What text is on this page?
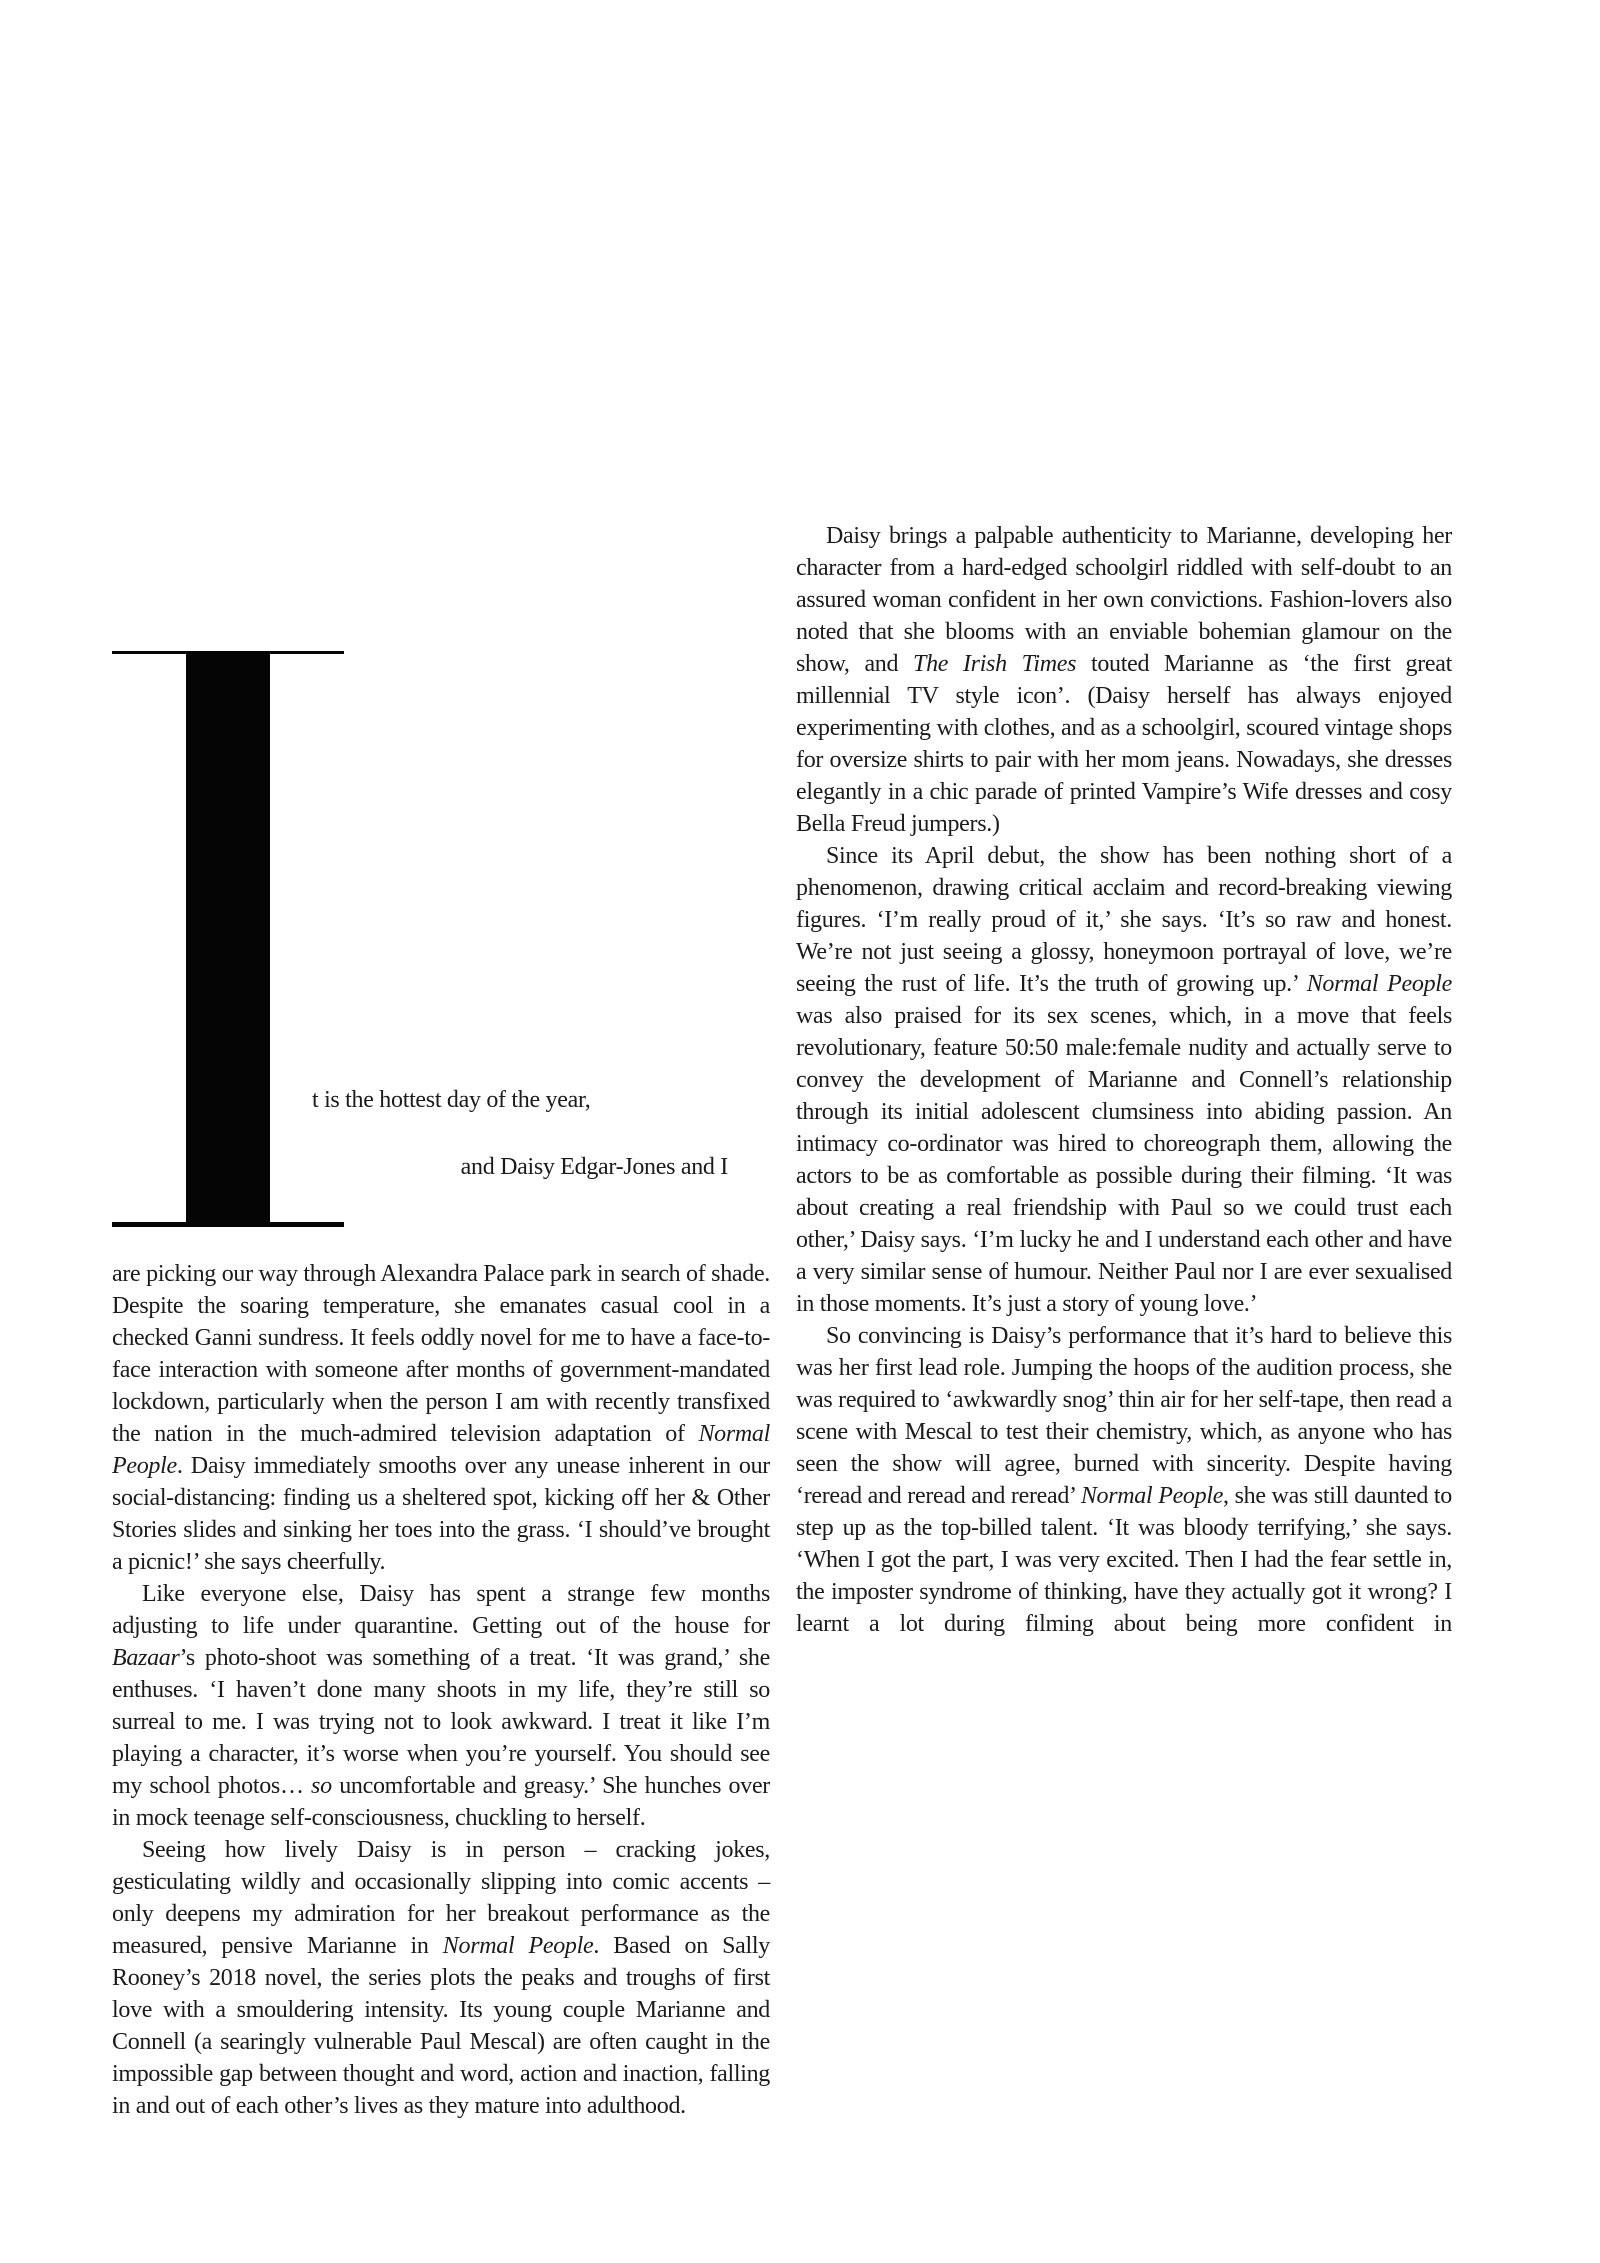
t is the hottest day of the year,
and Daisy Edgar-Jones and I

are picking our way through Alexandra Palace park in search of shade. Despite the soaring temperature, she emanates casual cool in a checked Ganni sundress. It feels oddly novel for me to have a face-to-face interaction with someone after months of government-mandated lockdown, particularly when the person I am with recently transfixed the nation in the much-admired television adaptation of Normal People. Daisy immediately smooths over any unease inherent in our social-distancing: finding us a sheltered spot, kicking off her & Other Stories slides and sinking her toes into the grass. ‘I should’ve brought a picnic!’ she says cheerfully.

Like everyone else, Daisy has spent a strange few months adjusting to life under quarantine. Getting out of the house for Bazaar’s photo-shoot was something of a treat. ‘It was grand,’ she enthuses. ‘I haven’t done many shoots in my life, they’re still so surreal to me. I was trying not to look awkward. I treat it like I’m playing a character, it’s worse when you’re yourself. You should see my school photos… so uncomfortable and greasy.’ She hunches over in mock teenage self-consciousness, chuckling to herself.

Seeing how lively Daisy is in person – cracking jokes, gesticulating wildly and occasionally slipping into comic accents – only deepens my admiration for her breakout performance as the measured, pensive Marianne in Normal People. Based on Sally Rooney’s 2018 novel, the series plots the peaks and troughs of first love with a smouldering intensity. Its young couple Marianne and Connell (a searingly vulnerable Paul Mescal) are often caught in the impossible gap between thought and word, action and inaction, falling in and out of each other’s lives as they mature into adulthood.

Daisy brings a palpable authenticity to Marianne, developing her character from a hard-edged schoolgirl riddled with self-doubt to an assured woman confident in her own convictions. Fashion-lovers also noted that she blooms with an enviable bohemian glamour on the show, and The Irish Times touted Marianne as ‘the first great millennial TV style icon’. (Daisy herself has always enjoyed experimenting with clothes, and as a schoolgirl, scoured vintage shops for oversize shirts to pair with her mom jeans. Nowadays, she dresses elegantly in a chic parade of printed Vampire’s Wife dresses and cosy Bella Freud jumpers.)

Since its April debut, the show has been nothing short of a phenomenon, drawing critical acclaim and record-breaking viewing figures. ‘I’m really proud of it,’ she says. ‘It’s so raw and honest. We’re not just seeing a glossy, honeymoon portrayal of love, we’re seeing the rust of life. It’s the truth of growing up.’ Normal People was also praised for its sex scenes, which, in a move that feels revolutionary, feature 50:50 male:female nudity and actually serve to convey the development of Marianne and Connell’s relationship through its initial adolescent clumsiness into abiding passion. An intimacy co-ordinator was hired to choreograph them, allowing the actors to be as comfortable as possible during their filming. ‘It was about creating a real friendship with Paul so we could trust each other,’ Daisy says. ‘I’m lucky he and I understand each other and have a very similar sense of humour. Neither Paul nor I are ever sexualised in those moments. It’s just a story of young love.’

So convincing is Daisy’s performance that it’s hard to believe this was her first lead role. Jumping the hoops of the audition process, she was required to ‘awkwardly snog’ thin air for her self-tape, then read a scene with Mescal to test their chemistry, which, as anyone who has seen the show will agree, burned with sincerity. Despite having ‘reread and reread and reread’ Normal People, she was still daunted to step up as the top-billed talent. ‘It was bloody terrifying,’ she says. ‘When I got the part, I was very excited. Then I had the fear settle in, the imposter syndrome of thinking, have they actually got it wrong? I learnt a lot during filming about being more confident in
